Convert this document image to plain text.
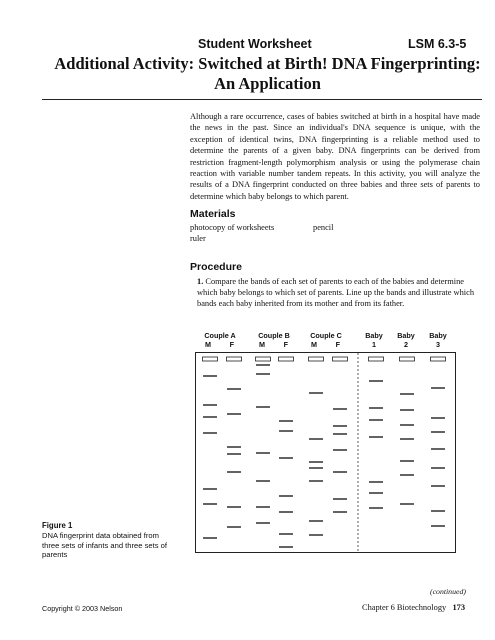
Student Worksheet	LSM 6.3-5
Additional Activity: Switched at Birth! DNA Fingerprinting:
An Application
Although a rare occurrence, cases of babies switched at birth in a hospital have made the news in the past. Since an individual's DNA sequence is unique, with the exception of identical twins, DNA fingerprinting is a reliable method used to determine the parents of a given baby. DNA fingerprints can be derived from restriction fragment-length polymorphism analysis or using the polymerase chain reaction with variable number tandem repeats. In this activity, you will analyze the results of a DNA fingerprint conducted on three babies and three sets of parents to determine which baby belongs to which parent.
Materials
photocopy of worksheets	pencil
ruler
Procedure
1. Compare the bands of each set of parents to each of the babies and determine which baby belongs to which set of parents. Line up the bands and illustrate which bands each baby inherited from its mother and from its father.
Couple A
M	F
Couple B
M	F
Couple C
M	F
Baby
1
Baby
2
Baby
3
Figure 1
DNA fingerprint data obtained from three sets of infants and three sets of parents
(continued)
Copyright © 2003 Nelson	Chapter 6 Biotechnology 173
